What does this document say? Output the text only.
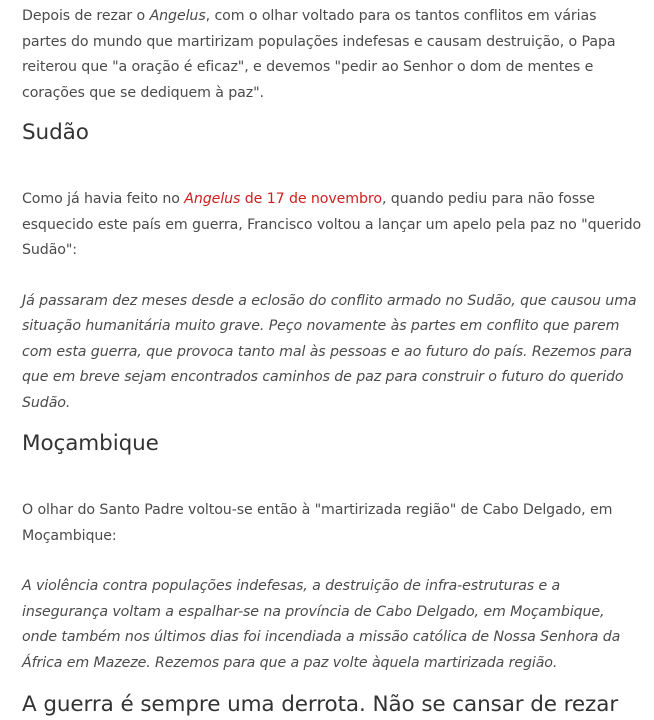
Depois de rezar o Angelus, com o olhar voltado para os tantos conflitos em várias partes do mundo que martirizam populações indefesas e causam destruição, o Papa reiterou que "a oração é eficaz", e devemos "pedir ao Senhor o dom de mentes e corações que se dediquem à paz".

Sudão

Como já havia feito no Angelus de 17 de novembro, quando pediu para não fosse esquecido este país em guerra, Francisco voltou a lançar um apelo pela paz no "querido Sudão":

Já passaram dez meses desde a eclosão do conflito armado no Sudão, que causou uma situação humanitária muito grave. Peço novamente às partes em conflito que parem com esta guerra, que provoca tanto mal às pessoas e ao futuro do país. Rezemos para que em breve sejam encontrados caminhos de paz para construir o futuro do querido Sudão.

Moçambique

O olhar do Santo Padre voltou-se então à "martirizada região" de Cabo Delgado, em Moçambique:

A violência contra populações indefesas, a destruição de infra-estruturas e a insegurança voltam a espalhar-se na província de Cabo Delgado, em Moçambique, onde também nos últimos dias foi incendiada a missão católica de Nossa Senhora da África em Mazeze. Rezemos para que a paz volte àquela martirizada região.

A guerra é sempre uma derrota. Não se cansar de rezar
